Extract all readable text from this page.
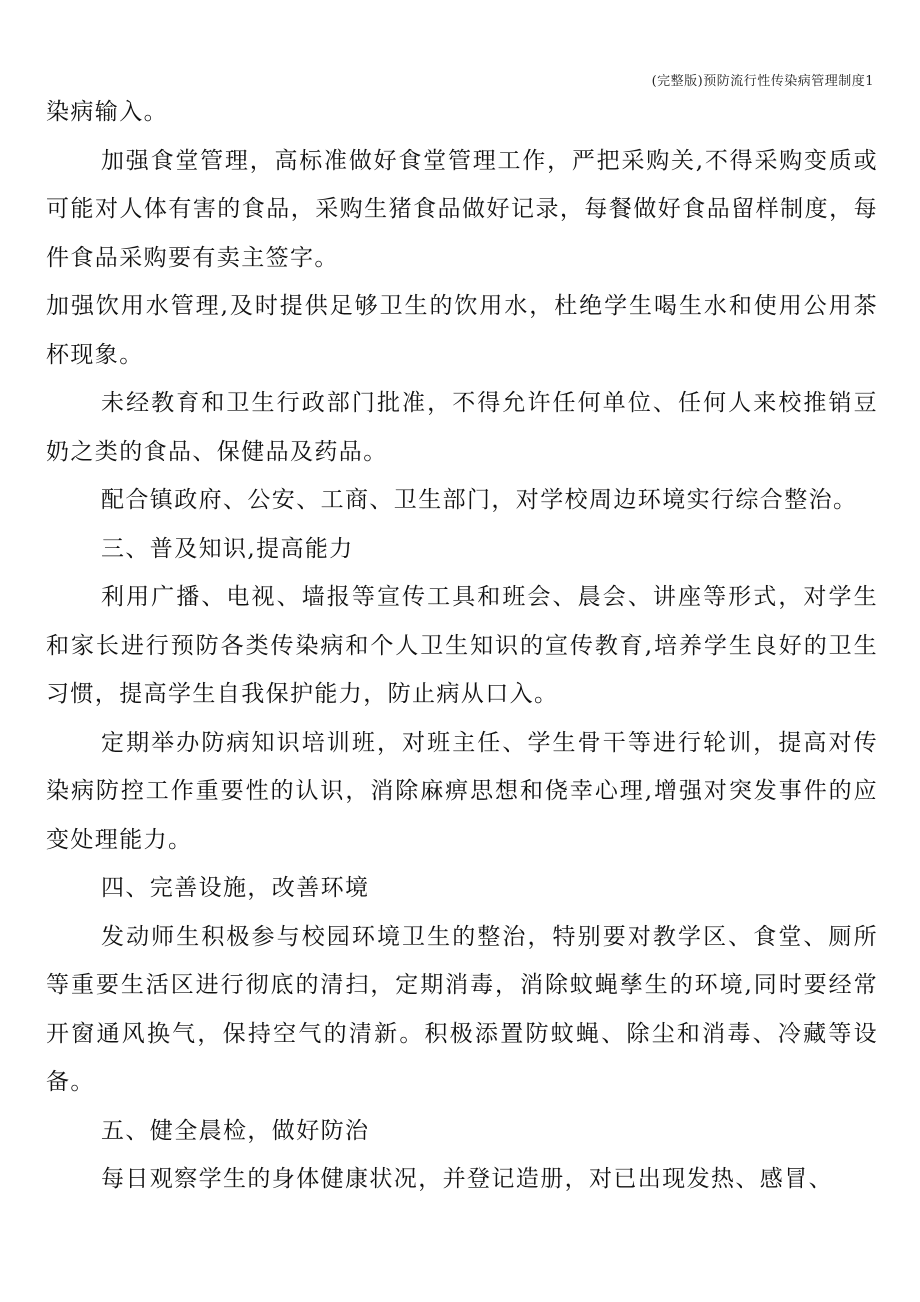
(完整版)预防流行性传染病管理制度1

染病输入。

加强食堂管理，高标准做好食堂管理工作，严把采购关,不得采购变质或可能对人体有害的食品，采购生猪食品做好记录，每餐做好食品留样制度，每件食品采购要有卖主签字。

加强饮用水管理,及时提供足够卫生的饮用水，杜绝学生喝生水和使用公用茶杯现象。

未经教育和卫生行政部门批准，不得允许任何单位、任何人来校推销豆奶之类的食品、保健品及药品。

配合镇政府、公安、工商、卫生部门，对学校周边环境实行综合整治。

三、普及知识,提高能力

利用广播、电视、墙报等宣传工具和班会、晨会、讲座等形式，对学生和家长进行预防各类传染病和个人卫生知识的宣传教育,培养学生良好的卫生习惯，提高学生自我保护能力，防止病从口入。

定期举办防病知识培训班，对班主任、学生骨干等进行轮训，提高对传染病防控工作重要性的认识，消除麻痹思想和侥幸心理,增强对突发事件的应变处理能力。

四、完善设施，改善环境

发动师生积极参与校园环境卫生的整治，特别要对教学区、食堂、厕所等重要生活区进行彻底的清扫，定期消毒，消除蚊蝇孳生的环境,同时要经常开窗通风换气，保持空气的清新。积极添置防蚊蝇、除尘和消毒、冷藏等设备。

五、健全晨检，做好防治

每日观察学生的身体健康状况，并登记造册，对已出现发热、感冒、
